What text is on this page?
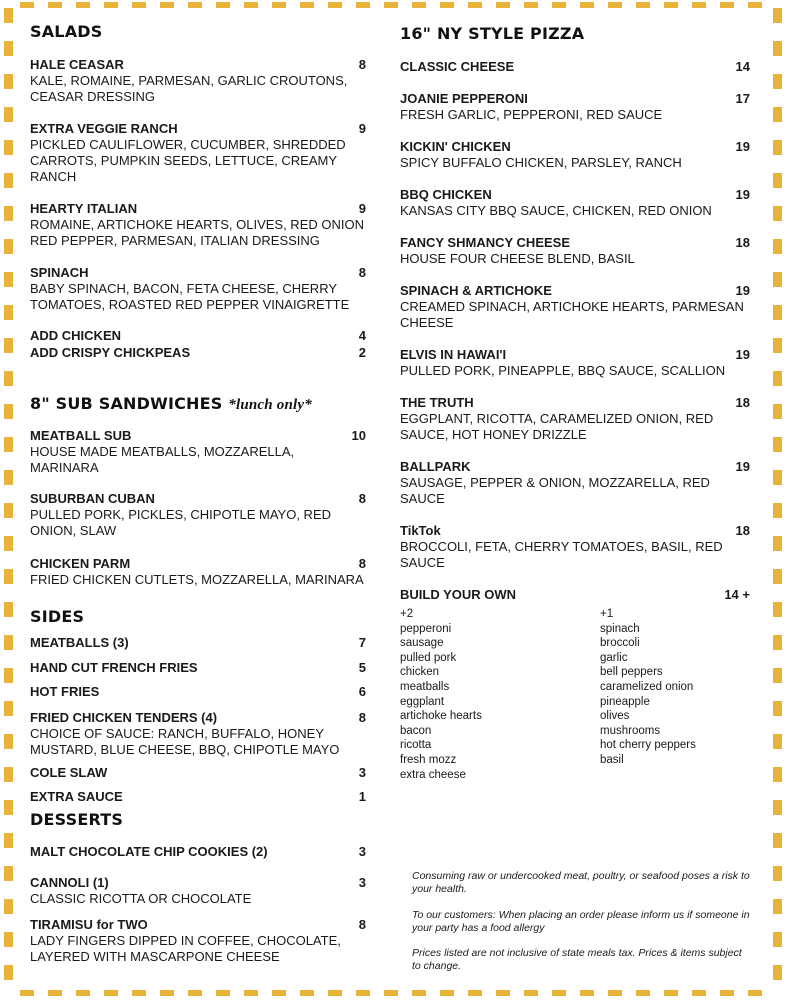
SALADS
HALE CEASAR	8
KALE, ROMAINE, PARMESAN, GARLIC CROUTONS, CEASAR DRESSING
EXTRA VEGGIE RANCH	9
PICKLED CAULIFLOWER, CUCUMBER, SHREDDED CARROTS, PUMPKIN SEEDS, LETTUCE, CREAMY RANCH
HEARTY ITALIAN	9
ROMAINE, ARTICHOKE HEARTS, OLIVES, RED ONION RED PEPPER, PARMESAN, ITALIAN DRESSING
SPINACH	8
BABY SPINACH, BACON, FETA CHEESE, CHERRY TOMATOES, ROASTED RED PEPPER VINAIGRETTE
ADD CHICKEN	4
ADD CRISPY CHICKPEAS	2
8" SUB SANDWICHES *lunch only*
MEATBALL SUB	10
HOUSE MADE MEATBALLS, MOZZARELLA, MARINARA
SUBURBAN CUBAN	8
PULLED PORK, PICKLES, CHIPOTLE MAYO, RED ONION, SLAW
CHICKEN PARM	8
FRIED CHICKEN CUTLETS, MOZZARELLA, MARINARA
SIDES
MEATBALLS (3)	7
HAND CUT FRENCH FRIES	5
HOT FRIES	6
FRIED CHICKEN TENDERS (4)	8
CHOICE OF SAUCE: RANCH, BUFFALO, HONEY MUSTARD, BLUE CHEESE, BBQ, CHIPOTLE MAYO
COLE SLAW	3
EXTRA SAUCE	1
DESSERTS
MALT CHOCOLATE CHIP COOKIES (2)	3
CANNOLI (1)	3
CLASSIC RICOTTA OR CHOCOLATE
TIRAMISU for TWO	8
LADY FINGERS DIPPED IN COFFEE, CHOCOLATE, LAYERED WITH MASCARPONE CHEESE
16" NY STYLE PIZZA
CLASSIC CHEESE	14
JOANIE PEPPERONI	17
FRESH GARLIC, PEPPERONI, RED SAUCE
KICKIN' CHICKEN	19
SPICY BUFFALO CHICKEN, PARSLEY, RANCH
BBQ CHICKEN	19
KANSAS CITY BBQ SAUCE, CHICKEN, RED ONION
FANCY SHMANCY CHEESE	18
HOUSE FOUR CHEESE BLEND, BASIL
SPINACH & ARTICHOKE	19
CREAMED SPINACH, ARTICHOKE HEARTS, PARMESAN CHEESE
ELVIS IN HAWAI'I	19
PULLED PORK, PINEAPPLE, BBQ SAUCE, SCALLION
THE TRUTH	18
EGGPLANT, RICOTTA, CARAMELIZED ONION, RED SAUCE, HOT HONEY DRIZZLE
BALLPARK	19
SAUSAGE, PEPPER & ONION, MOZZARELLA, RED SAUCE
TikTok	18
BROCCOLI, FETA, CHERRY TOMATOES, BASIL, RED SAUCE
BUILD YOUR OWN	14 +
+2
pepperoni
sausage
pulled pork
chicken
meatballs
eggplant
artichoke hearts
bacon
ricotta
fresh mozz
extra cheese
+1
spinach
broccoli
garlic
bell peppers
caramelized onion
pineapple
olives
mushrooms
hot cherry peppers
basil
Consuming raw or undercooked meat, poultry, or seafood poses a risk to your health.
To our customers: When placing an order please inform us if someone in your party has a food allergy
Prices listed are not inclusive of state meals tax. Prices & items subject to change.
